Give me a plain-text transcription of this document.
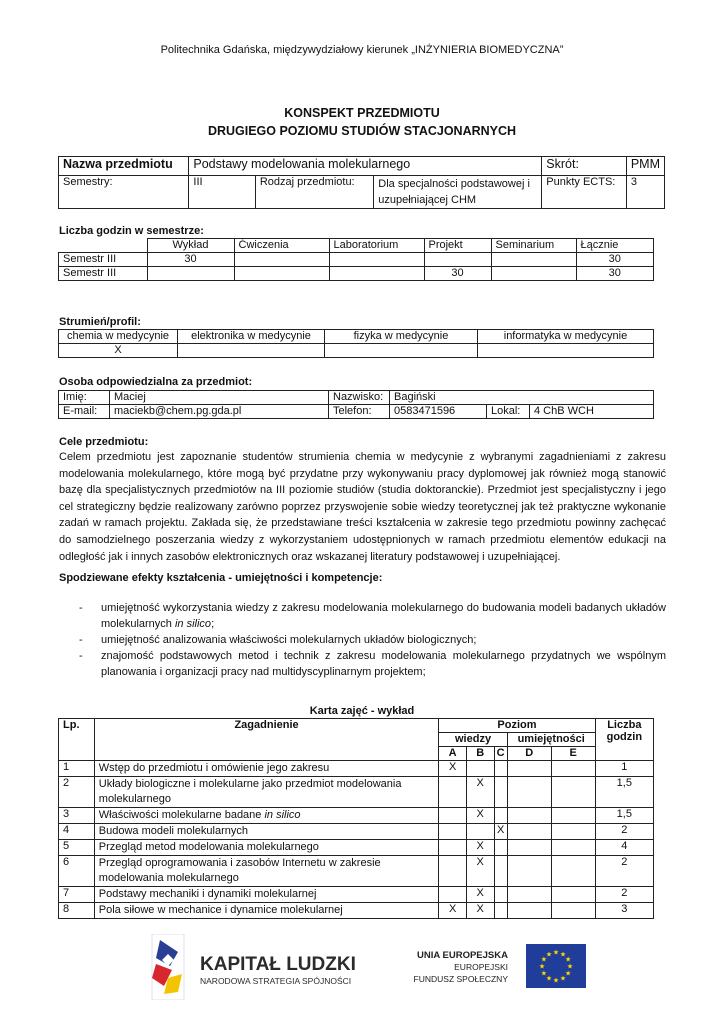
Politechnika Gdańska, międzywydziałowy kierunek „INŻYNIERIA BIOMEDYCZNA”
KONSPEKT PRZEDMIOTU
DRUGIEGO POZIOMU STUDIÓW STACJONARNYCH
Nazwa przedmiotu	Podstawy modelowania molekularnego			Skrót:	PMM
Semestry:	III	Rodzaj przedmiotu:	Dla specjalności podstawowej i uzupełniającej CHM	Punkty ECTS:	3
Liczba godzin w semestrze:
	Wykład	Ćwiczenia	Laboratorium	Projekt	Seminarium	Łącznie
Semestr III	30					30
Semestr III				30		30
Strumień/profil:
chemia w medycynie	elektronika w medycynie	fizyka w medycynie	informatyka w medycynie
X			
Osoba odpowiedzialna za przedmiot:
Imię:	Maciej	Nazwisko:	Bagiński		
E-mail:	maciekb@chem.pg.gda.pl	Telefon:	0583471596	Lokal:	4 ChB WCH
Cele przedmiotu:
Celem przedmiotu jest zapoznanie studentów strumienia chemia w medycynie z wybranymi zagadnieniami z zakresu modelowania molekularnego, które mogą być przydatne przy wykonywaniu pracy dyplomowej jak również mogą stanowić bazę dla specjalistycznych przedmiotów na III poziomie studiów (studia doktoranckie). Przedmiot jest specjalistyczny i jego cel strategiczny będzie realizowany zarówno poprzez przyswojenie sobie wiedzy teoretycznej jak też praktyczne wykonanie zadań w ramach projektu. Zakłada się, że przedstawiane treści kształcenia w zakresie tego przedmiotu powinny zachęcać do samodzielnego poszerzania wiedzy z wykorzystaniem udostępnionych w ramach przedmiotu elementów edukacji na odległość jak i innych zasobów elektronicznych oraz wskazanej literatury podstawowej i uzupełniającej.
Spodziewane efekty kształcenia - umiejętności i kompetencje:
- umiejętność wykorzystania wiedzy z zakresu modelowania molekularnego do budowania modeli badanych układów molekularnych in silico;
- umiejętność analizowania właściwości molekularnych układów biologicznych;
- znajomość podstawowych metod i technik z zakresu modelowania molekularnego przydatnych we wspólnym planowania i organizacji pracy nad multidyscyplinarnym projektem;
Karta zajęć - wykład
Lp.	Zagadnienie	Poziom					Liczba
godzin

		wiedzy			umiejętności		
		A	B	C	D	E	
1	Wstęp do przedmiotu i omówienie jego zakresu	X					1
2	Układy biologiczne i molekularne jako przedmiot modelowania molekularnego		X				1,5
3	Właściwości molekularne badane in silico		X				1,5
4	Budowa modeli molekularnych			X			2
5	Przegląd metod modelowania molekularnego		X				4
6	Przegląd oprogramowania i zasobów Internetu w zakresie modelowania molekularnego		X				2
7	Podstawy mechaniki i dynamiki molekularnej		X				2
8	Pola siłowe w mechanice i dynamice molekularnej	X	X				3
KAPITAŁ LUDZKI
NARODOWA STRATEGIA SPÓJNOŚCI
UNIA EUROPEJSKA
EUROPEJSKI
FUNDUSZ SPOŁECZNY
★ ★
★
★
★
★
★
★
★
★
★
★
